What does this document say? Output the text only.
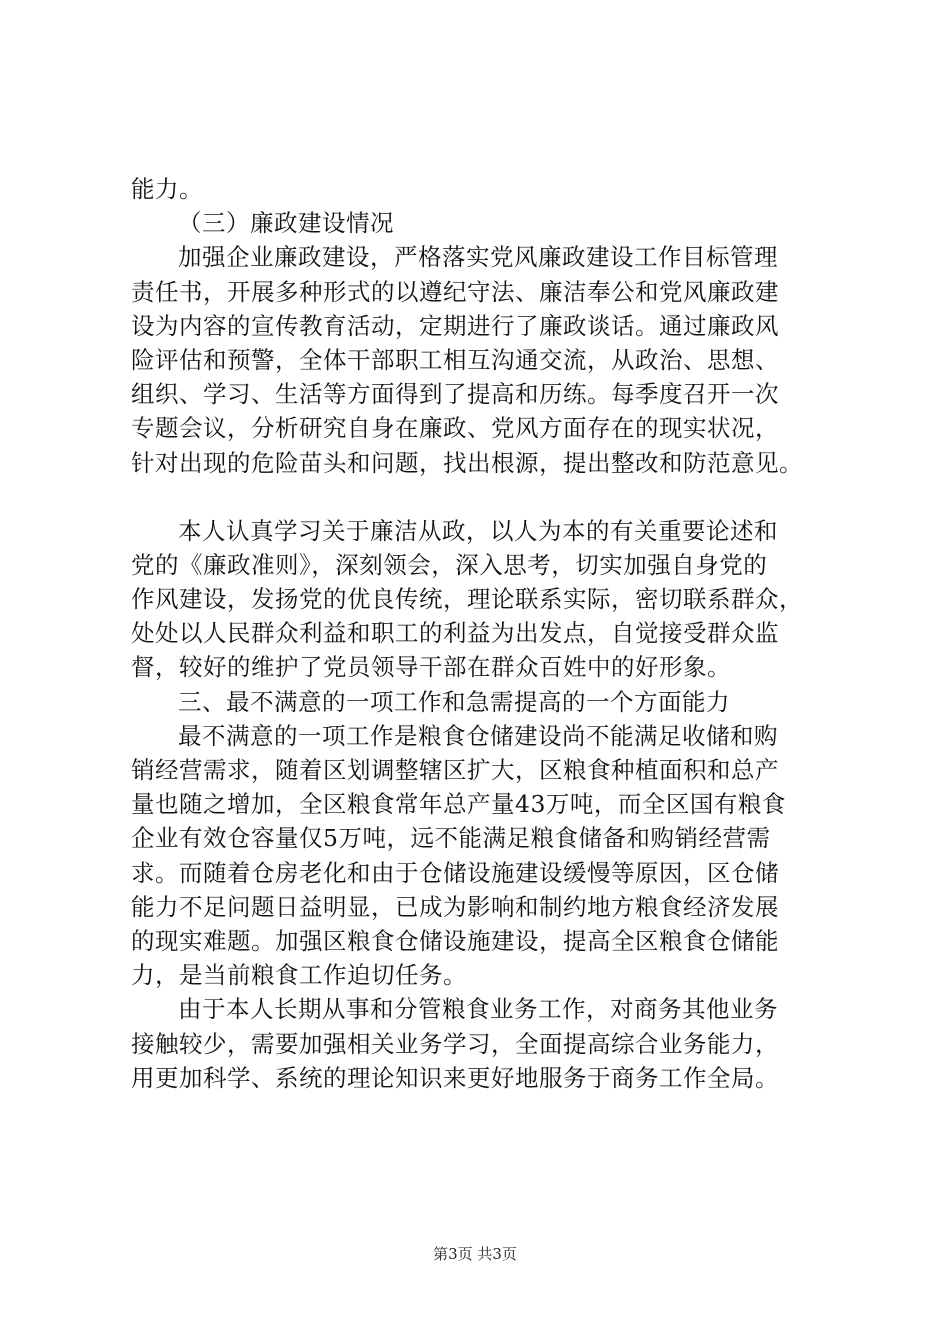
能力。
（三）廉政建设情况
加强企业廉政建设，严格落实党风廉政建设工作目标管理
责任书，开展多种形式的以遵纪守法、廉洁奉公和党风廉政建
设为内容的宣传教育活动，定期进行了廉政谈话。通过廉政风
险评估和预警，全体干部职工相互沟通交流，从政治、思想、
组织、学习、生活等方面得到了提高和历练。每季度召开一次
专题会议，分析研究自身在廉政、党风方面存在的现实状况，
针对出现的危险苗头和问题，找出根源，提出整改和防范意见。
本人认真学习关于廉洁从政，以人为本的有关重要论述和
党的《廉政准则》，深刻领会，深入思考，切实加强自身党的
作风建设，发扬党的优良传统，理论联系实际，密切联系群众，
处处以人民群众利益和职工的利益为出发点，自觉接受群众监
督，较好的维护了党员领导干部在群众百姓中的好形象。
三、最不满意的一项工作和急需提高的一个方面能力
最不满意的一项工作是粮食仓储建设尚不能满足收储和购
销经营需求，随着区划调整辖区扩大，区粮食种植面积和总产
量也随之增加，全区粮食常年总产量43万吨，而全区国有粮食
企业有效仓容量仅5万吨，远不能满足粮食储备和购销经营需
求。而随着仓房老化和由于仓储设施建设缓慢等原因，区仓储
能力不足问题日益明显，已成为影响和制约地方粮食经济发展
的现实难题。加强区粮食仓储设施建设，提高全区粮食仓储能
力，是当前粮食工作迫切任务。
由于本人长期从事和分管粮食业务工作，对商务其他业务
接触较少，需要加强相关业务学习，全面提高综合业务能力，
用更加科学、系统的理论知识来更好地服务于商务工作全局。
第3页 共3页
